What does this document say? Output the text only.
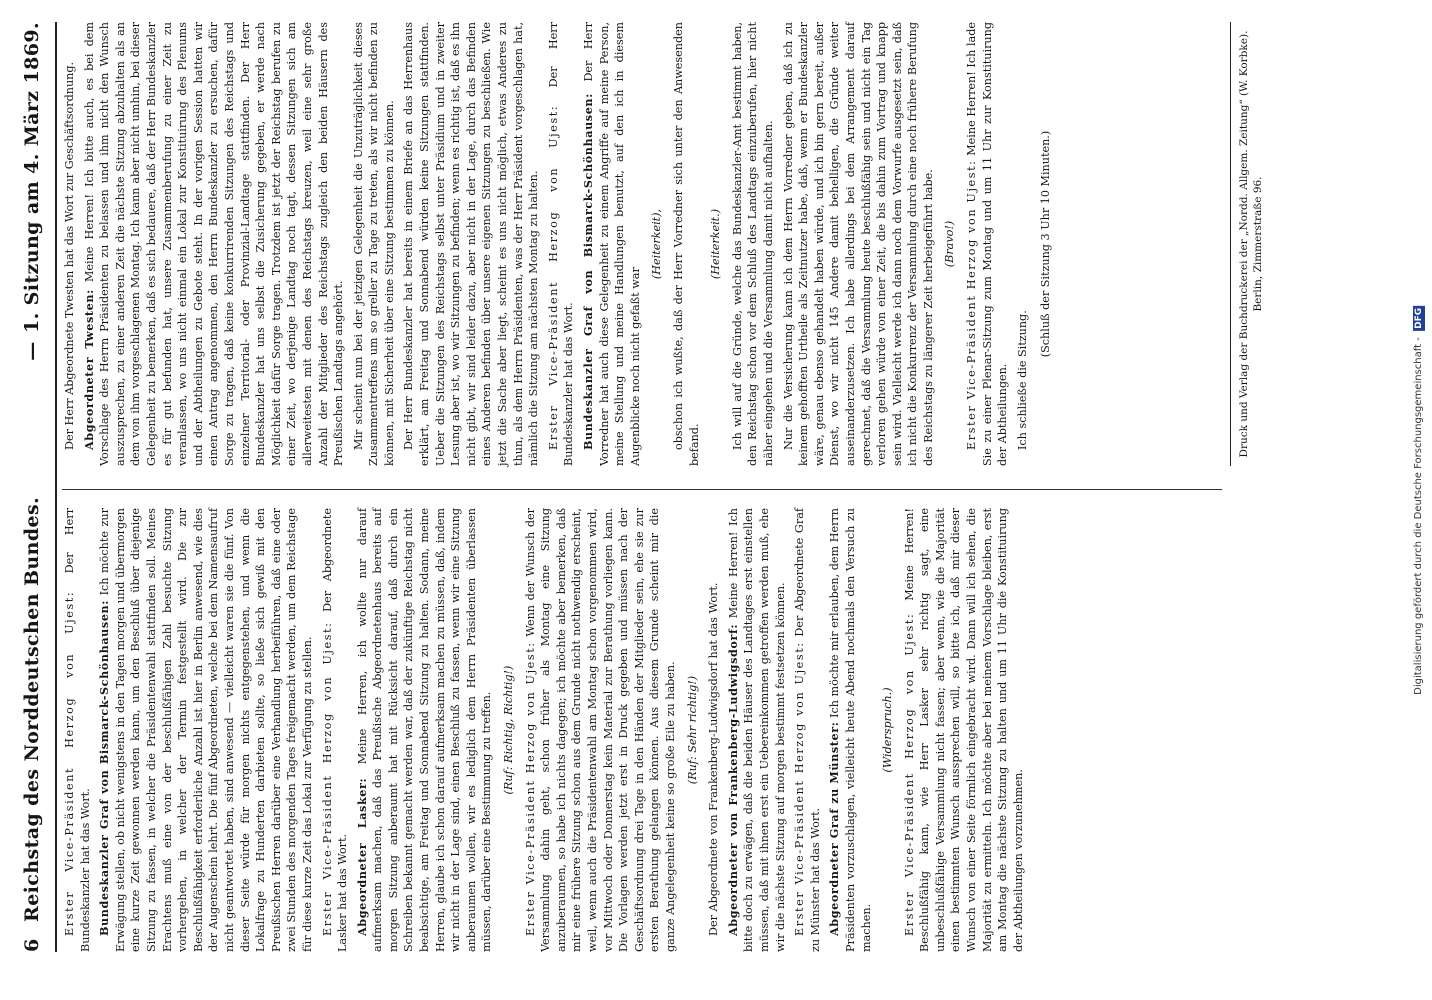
6
Reichstag des Norddeutschen Bundes.
—
1. Sitzung am 4. März 1869.

Erster Vice-Präsident Herzog von Ujest: Der Herr Bundeskanzler hat das Wort. Bundeskanzler Graf von Bismarck-Schönhausen: Ich möchte zur Erwägung stellen, ob nicht wenigstens in den Tagen morgen und übermorgen eine kurze Zeit gewonnen werden kann, um den Beschluß über diejenige Sitzung zu fassen, in welcher die Präsidentenwahl stattfinden soll. Meines Erachtens muß eine von der beschlußfähigen Zahl besuchte Sitzung vorhergehen, in welcher der Termin festgestellt wird. Die zur Beschlußfähigkeit erforderliche Anzahl ist hier in Berlin anwesend, wie dies der Augenschein lehrt. Die fünf Abgeordneten, welche bei dem Namensaufruf nicht geantwortet haben, sind anwesend — vielleicht waren sie die fünf. Von dieser Seite würde für morgen nichts entgegenstehen, und wenn die Lokalfrage zu Hunderten darbieten sollte, so ließe sich gewiß mit den Preußischen Herren darüber eine Verhandlung herbeiführen, daß eine oder zwei Stunden des morgenden Tages freigemacht werden, um dem Reichstage für diese kurze Zeit das Lokal zur Verfügung zu stellen. Erster Vice-Präsident Herzog von Ujest: Der Abgeordnete Lasker hat das Wort. Abgeordneter Lasker: Meine Herren, ich wollte nur darauf aufmerksam machen, daß das Preußische Abgeordnetenhaus bereits auf morgen Sitzung anberaumt hat mit Rücksicht darauf, daß durch ein Schreiben bekannt gemacht werden war, daß der zukünftige Reichstag nicht beabsichtige, am Freitag und Sonnabend Sitzung zu halten. Sodann, meine Herren, glaube ich schon darauf aufmerksam machen zu müssen, daß, indem wir nicht in der Lage sind, einen Beschluß zu fassen, wenn wir eine Sitzung anberaumen wollen, wir es lediglich dem Herrn Präsidenten überlassen müssen, darüber eine Bestimmung zu treffen. (Ruf: Richtig, Richtig!) Erster Vice-Präsident Herzog von Ujest: Wenn der Wunsch der Versammlung dahin geht, schon früher als Montag eine Sitzung anzuberaumen, so habe ich nichts dagegen; ich möchte aber bemerken, daß mir eine frühere Sitzung schon aus dem Grunde nicht nothwendig erscheint, weil, wenn auch die Präsidentenwahl am Montag schon vorgenommen wird, vor Mittwoch oder Donnerstag kein Material zur Berathung vorliegen kann. Die Vorlagen werden jetzt erst in Druck gegeben und müssen nach der Geschäftsordnung drei Tage in den Händen der Mitglieder sein, ehe sie zur ersten Berathung gelangen können. Aus diesem Grunde scheint mir die ganze Angelegenheit keine so große Eile zu haben. (Ruf: Sehr richtig!) Der Abgeordnete von Frankenberg-Ludwigsdorf hat das Wort. Abgeordneter von Frankenberg-Ludwigsdorf: Meine Herren! Ich bitte doch zu erwägen, daß die beiden Häuser des Landtages erst einstellen müssen, daß mit ihnen erst ein Uebereinkommen getroffen werden muß, ehe wir die nächste Sitzung auf morgen bestimmt festsetzen können. Erster Vice-Präsident Herzog von Ujest: Der Abgeordnete Graf zu Münster hat das Wort. Abgeordneter Graf zu Münster: Ich möchte mir erlauben, dem Herrn Präsidenten vorzuschlagen, vielleicht heute Abend nochmals den Versuch zu machen.

(Widerspruch.) Erster Vice-Präsident Herzog von Ujest: Meine Herren! Beschlußfähig kann, wie Herr Lasker sehr richtig sagt, eine unbeschlußfähige Versammlung nicht fassen; aber wenn, wie die Majorität einen bestimmten Wunsch aussprechen will, so bitte ich, daß mir dieser Wunsch von einer Seite förmlich eingebracht wird. Dann will ich sehen, die Majorität zu ermitteln. Ich möchte aber bei meinem Vorschlage bleiben, erst am Montag die nächste Sitzung zu halten und um 11 Uhr die Konstituirung der Abtheilungen vorzunehmen.

Der Herr Abgeordnete Twesten hat das Wort zur Geschäftsordnung. Abgeordneter Twesten: Meine Herren! Ich bitte auch, es bei dem Vorschlage des Herrn Präsidenten zu belassen und ihm nicht den Wunsch auszusprechen, zu einer anderen Zeit die nächste Sitzung abzuhalten als an dem von ihm vorgeschlagenen Montag. Ich kann aber nicht umhin, bei dieser Gelegenheit zu bemerken, daß es sich bedauere, daß der Herr Bundeskanzler es für gut befunden hat, unsere Zusammenberufung zu einer Zeit zu veranlassen, wo uns nicht einmal ein Lokal zur Konstituirung des Plenums und der Abtheilungen zu Gebote steht. In der vorigen Session hatten wir einen Antrag angenommen, den Herrn Bundeskanzler zu ersuchen, dafür Sorge zu tragen, daß keine konkurrirenden Sitzungen des Reichstags und einzelner Territorial- oder Provinzial-Landtage stattfinden. Der Herr Bundeskanzler hat uns selbst die Zusicherung gegeben, er werde nach Möglichkeit dafür Sorge tragen. Trotzdem ist jetzt der Reichstag berufen zu einer Zeit, wo derjenige Landtag noch tagt, dessen Sitzungen sich am allerweitesten mit denen des Reichstags kreuzen, weil eine sehr große Anzahl der Mitglieder des Reichstags zugleich den beiden Häusern des Preußischen Landtags angehört. Mir scheint nun bei der jetzigen Gelegenheit die Unzuträglichkeit dieses Zusammentreffens um so greller zu Tage zu treten, als wir nicht befinden zu können, mit Sicherheit über eine Sitzung bestimmen zu können. Der Herr Bundeskanzler hat bereits in einem Briefe an das Herrenhaus erklärt, am Freitag und Sonnabend würden keine Sitzungen stattfinden. Ueber die Sitzungen des Reichstags selbst unter Präsidium und in zweiter Lesung aber ist, wo wir Sitzungen zu befinden; wenn es richtig ist, daß es ihn nicht gibt, wir sind leider dazu, aber nicht in der Lage, durch das Befinden eines Anderen befinden über unsere eigenen Sitzungen zu beschließen. Wie jetzt die Sache aber liegt, scheint es uns nicht möglich, etwas Anderes zu thun, als dem Herrn Präsidenten, was der Herr Präsident vorgeschlagen hat, nämlich die Sitzung am nächsten Montag zu halten. Erster Vice-Präsident Herzog von Ujest: Der Herr Bundeskanzler hat das Wort. Bundeskanzler Graf von Bismarck-Schönhausen: Der Herr Vorredner hat auch diese Gelegenheit zu einem Angriffe auf meine Person, meine Stellung und meine Handlungen benutzt, auf den ich in diesem Augenblicke noch nicht gefaßt war

(Heiterkeit), obschon ich wußte, daß der Herr Vorredner sich unter den Anwesenden befand.

(Heiterkeit.) Ich will auf die Gründe, welche das Bundeskanzler-Amt bestimmt haben, den Reichstag schon vor dem Schluß des Landtags einzuberufen, hier nicht näher eingehen und die Versammlung damit nicht aufhalten. Nur die Versicherung kann ich dem Herrn Vorredner geben, daß ich zu keinem gehofften Urtheile als Zeitnutzer habe, daß, wenn er Bundeskanzler wäre, genau ebenso gehandelt haben würde, und ich bin gern bereit, außer Dienst, wo wir nicht 145 Andere damit behelligen, die Gründe weiter auseinanderzusetzen. Ich habe allerdings bei dem Arrangement darauf gerechnet, daß die Versammlung heute beschlußfähig sein und nicht ein Tag verloren gehen würde von einer Zeit, die bis dahin zum Vortrag und knapp sein wird. Vielleicht werde ich dann noch dem Vorwurfe ausgesetzt sein, daß ich nicht die Konkurrenz der Versammlung durch eine noch frühere Berufung des Reichstags zu längerer Zeit herbeigeführt habe. (Bravo!) Erster Vice-Präsident Herzog von Ujest: Meine Herren! Ich lade Sie zu einer Plenar-Sitzung zum Montag und um 11 Uhr zur Konstituirung der Abtheilungen. Ich schließe die Sitzung.

(Schluß der Sitzung 3 Uhr 10 Minuten.)	Druck und Verlag der Buchdruckerei der „Nordd. Allgem. Zeitung“ (W. Korbke). Berlin, Zimmerstraße 96.
Digitalisierung gefördert durch die Deutsche Forschungsgemeinschaft - DFG
